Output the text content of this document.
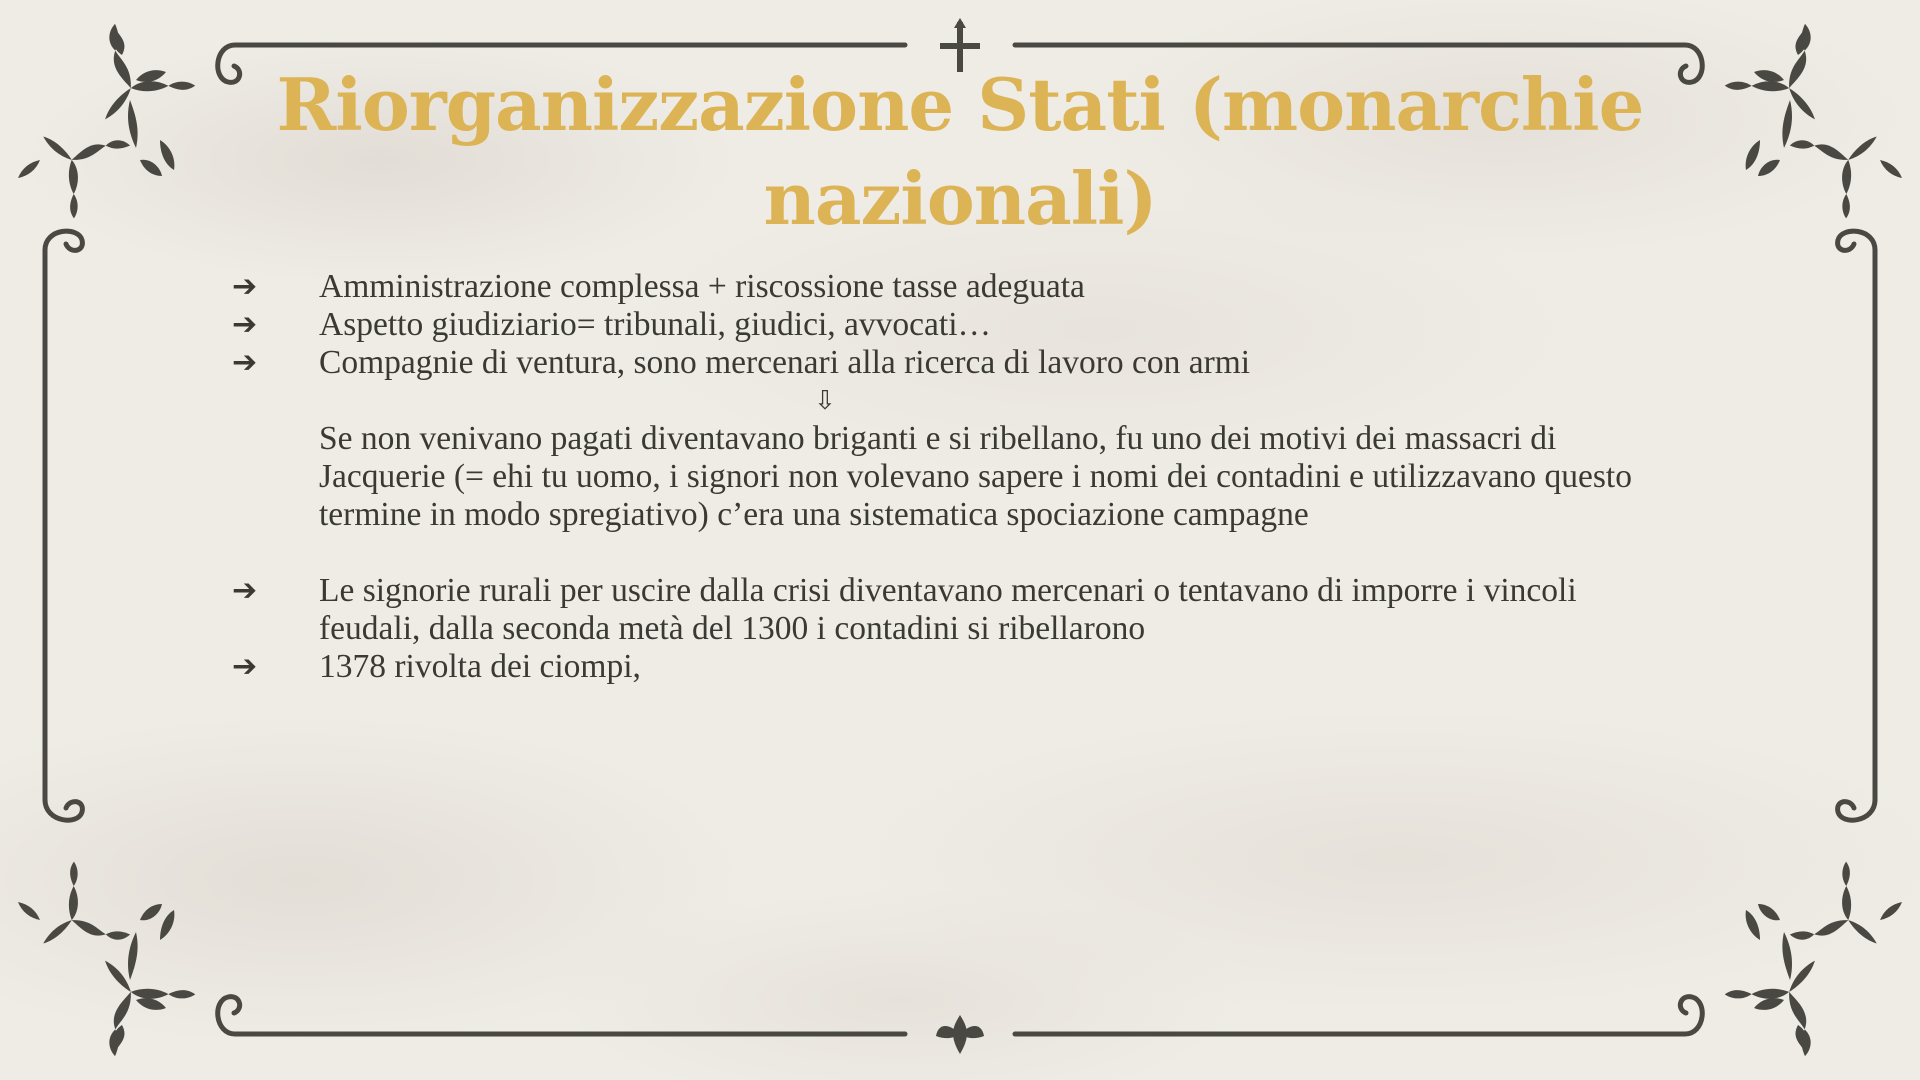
Riorganizzazione Stati (monarchie nazionali)
➔	Amministrazione complessa + riscossione tasse adeguata
➔	Aspetto giudiziario= tribunali, giudici, avvocati…
➔	Compagnie di ventura, sono mercenari alla ricerca di lavoro con armi
⇩
Se non venivano pagati diventavano briganti e si ribellano, fu uno dei motivi dei massacri di Jacquerie (= ehi tu uomo, i signori non volevano sapere i nomi dei contadini e utilizzavano questo termine in modo spregiativo) c’era una sistematica spociazione campagne
➔	Le signorie rurali per uscire dalla crisi diventavano mercenari o tentavano di imporre i vincoli feudali, dalla seconda metà del 1300 i contadini si ribellarono
➔	1378 rivolta dei ciompi,
